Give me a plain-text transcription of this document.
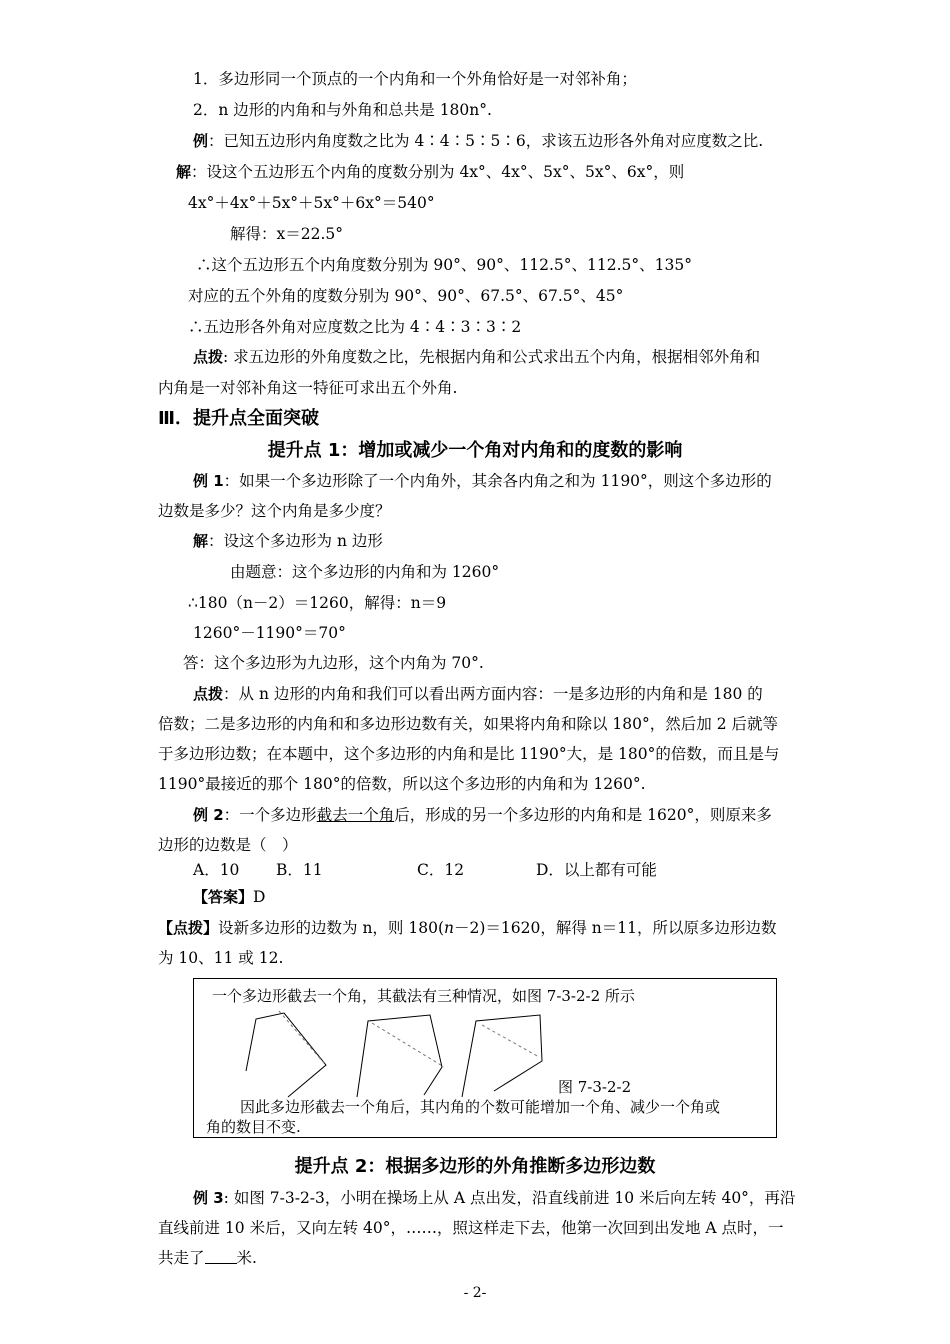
1．多边形同一个顶点的一个内角和一个外角恰好是一对邻补角；
2．n 边形的内角和与外角和总共是 180n°.
例：已知五边形内角度数之比为 4∶4∶5∶5∶6，求该五边形各外角对应度数之比.
解：设这个五边形五个内角的度数分别为 4x°、4x°、5x°、5x°、6x°，则
4x°＋4x°＋5x°＋5x°＋6x°＝540°
解得：x＝22.5°
∴这个五边形五个内角度数分别为 90°、90°、112.5°、112.5°、135°
对应的五个外角的度数分别为 90°、90°、67.5°、67.5°、45°
∴五边形各外角对应度数之比为 4∶4∶3∶3∶2
点拨: 求五边形的外角度数之比，先根据内角和公式求出五个内角，根据相邻外角和
内角是一对邻补角这一特征可求出五个外角.
Ⅲ．提升点全面突破
提升点 1：增加或减少一个角对内角和的度数的影响
例 1：如果一个多边形除了一个内角外，其余各内角之和为 1190°，则这个多边形的
边数是多少？这个内角是多少度？
解：设这个多边形为 n 边形
由题意：这个多边形的内角和为 1260°
∴180（n－2）＝1260，解得：n＝9
1260°－1190°＝70°
答：这个多边形为九边形，这个内角为 70°.
点拨：从 n 边形的内角和我们可以看出两方面内容：一是多边形的内角和是 180 的
倍数；二是多边形的内角和和多边形边数有关，如果将内角和除以 180°，然后加 2 后就等
于多边形边数；在本题中，这个多边形的内角和是比 1190°大，是 180°的倍数，而且是与
1190°最接近的那个 180°的倍数，所以这个多边形的内角和为 1260°.
例 2：一个多边形截去一个角后，形成的另一个多边形的内角和是 1620°，则原来多
边形的边数是（　）
A．10 B．11	C．12	D．以上都有可能
【答案】D
【点拨】设新多边形的边数为 n，则 180(n－2)＝1620，解得 n＝11，所以原多边形边数
为 10、11 或 12.
一个多边形截去一个角，其截法有三种情况，如图 7-3-2-2 所示
图 7-3-2-2
因此多边形截去一个角后，其内角的个数可能增加一个角、减少一个角或
角的数目不变.
提升点 2：根据多边形的外角推断多边形边数
例 3: 如图 7-3-2-3，小明在操场上从 A 点出发，沿直线前进 10 米后向左转 40°，再沿
直线前进 10 米后，又向左转 40°，……，照这样走下去，他第一次回到出发地 A 点时，一
共走了 米.
- 2-
